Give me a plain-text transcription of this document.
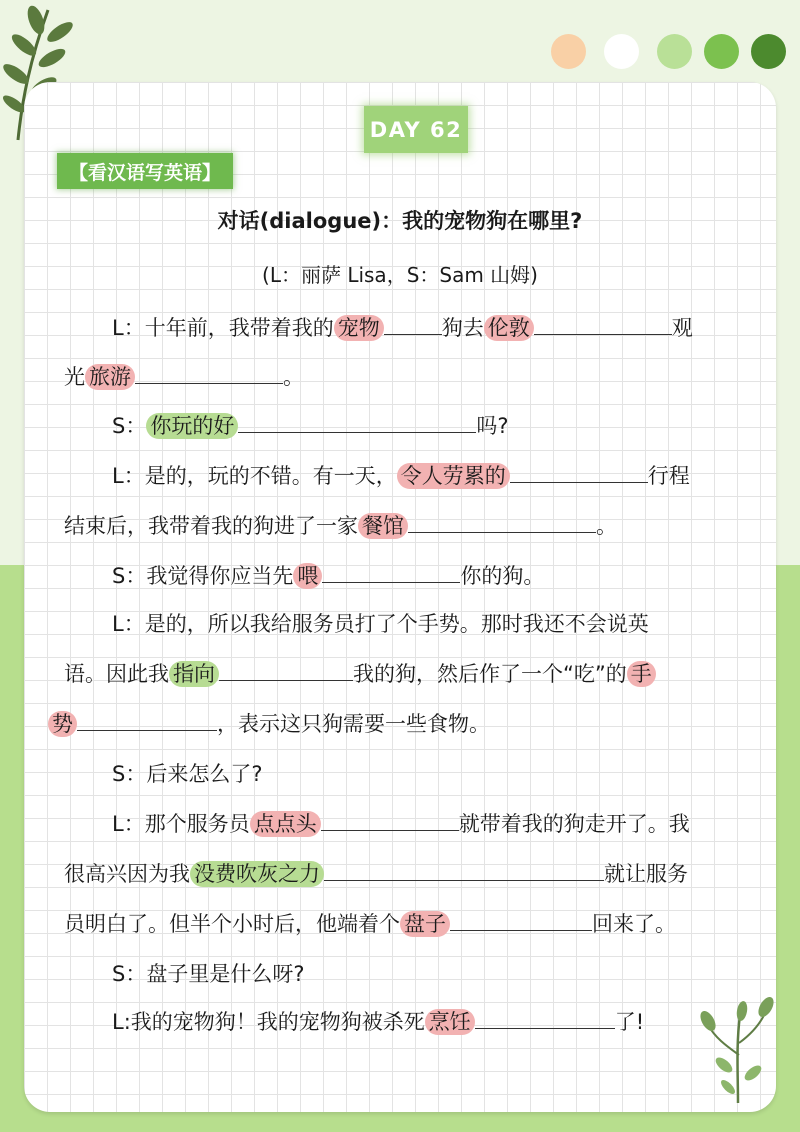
DAY 62
【看汉语写英语】
对话(dialogue)：我的宠物狗在哪里?
(L：丽萨 Lisa，S：Sam 山姆)
L：十年前，我带着我的 宠物	狗去 伦敦	观
光 旅游	。
S： 你玩的好	吗?
L：是的，玩的不错。有一天， 令人劳累的	行程
结束后，我带着我的狗进了一家 餐馆	。
S：我觉得你应当先 喂	你的狗。
L：是的，所以我给服务员打了个手势。那时我还不会说英
语。因此我 指向	我的狗，然后作了一个“吃”的 手
势	，表示这只狗需要一些食物。
S：后来怎么了?
L：那个服务员 点点头	就带着我的狗走开了。我
很高兴因为我 没费吹灰之力	就让服务
员明白了。但半个小时后，他端着个 盘子	回来了。
S：盘子里是什么呀?
L:我的宠物狗！我的宠物狗被杀死 烹饪	了!
